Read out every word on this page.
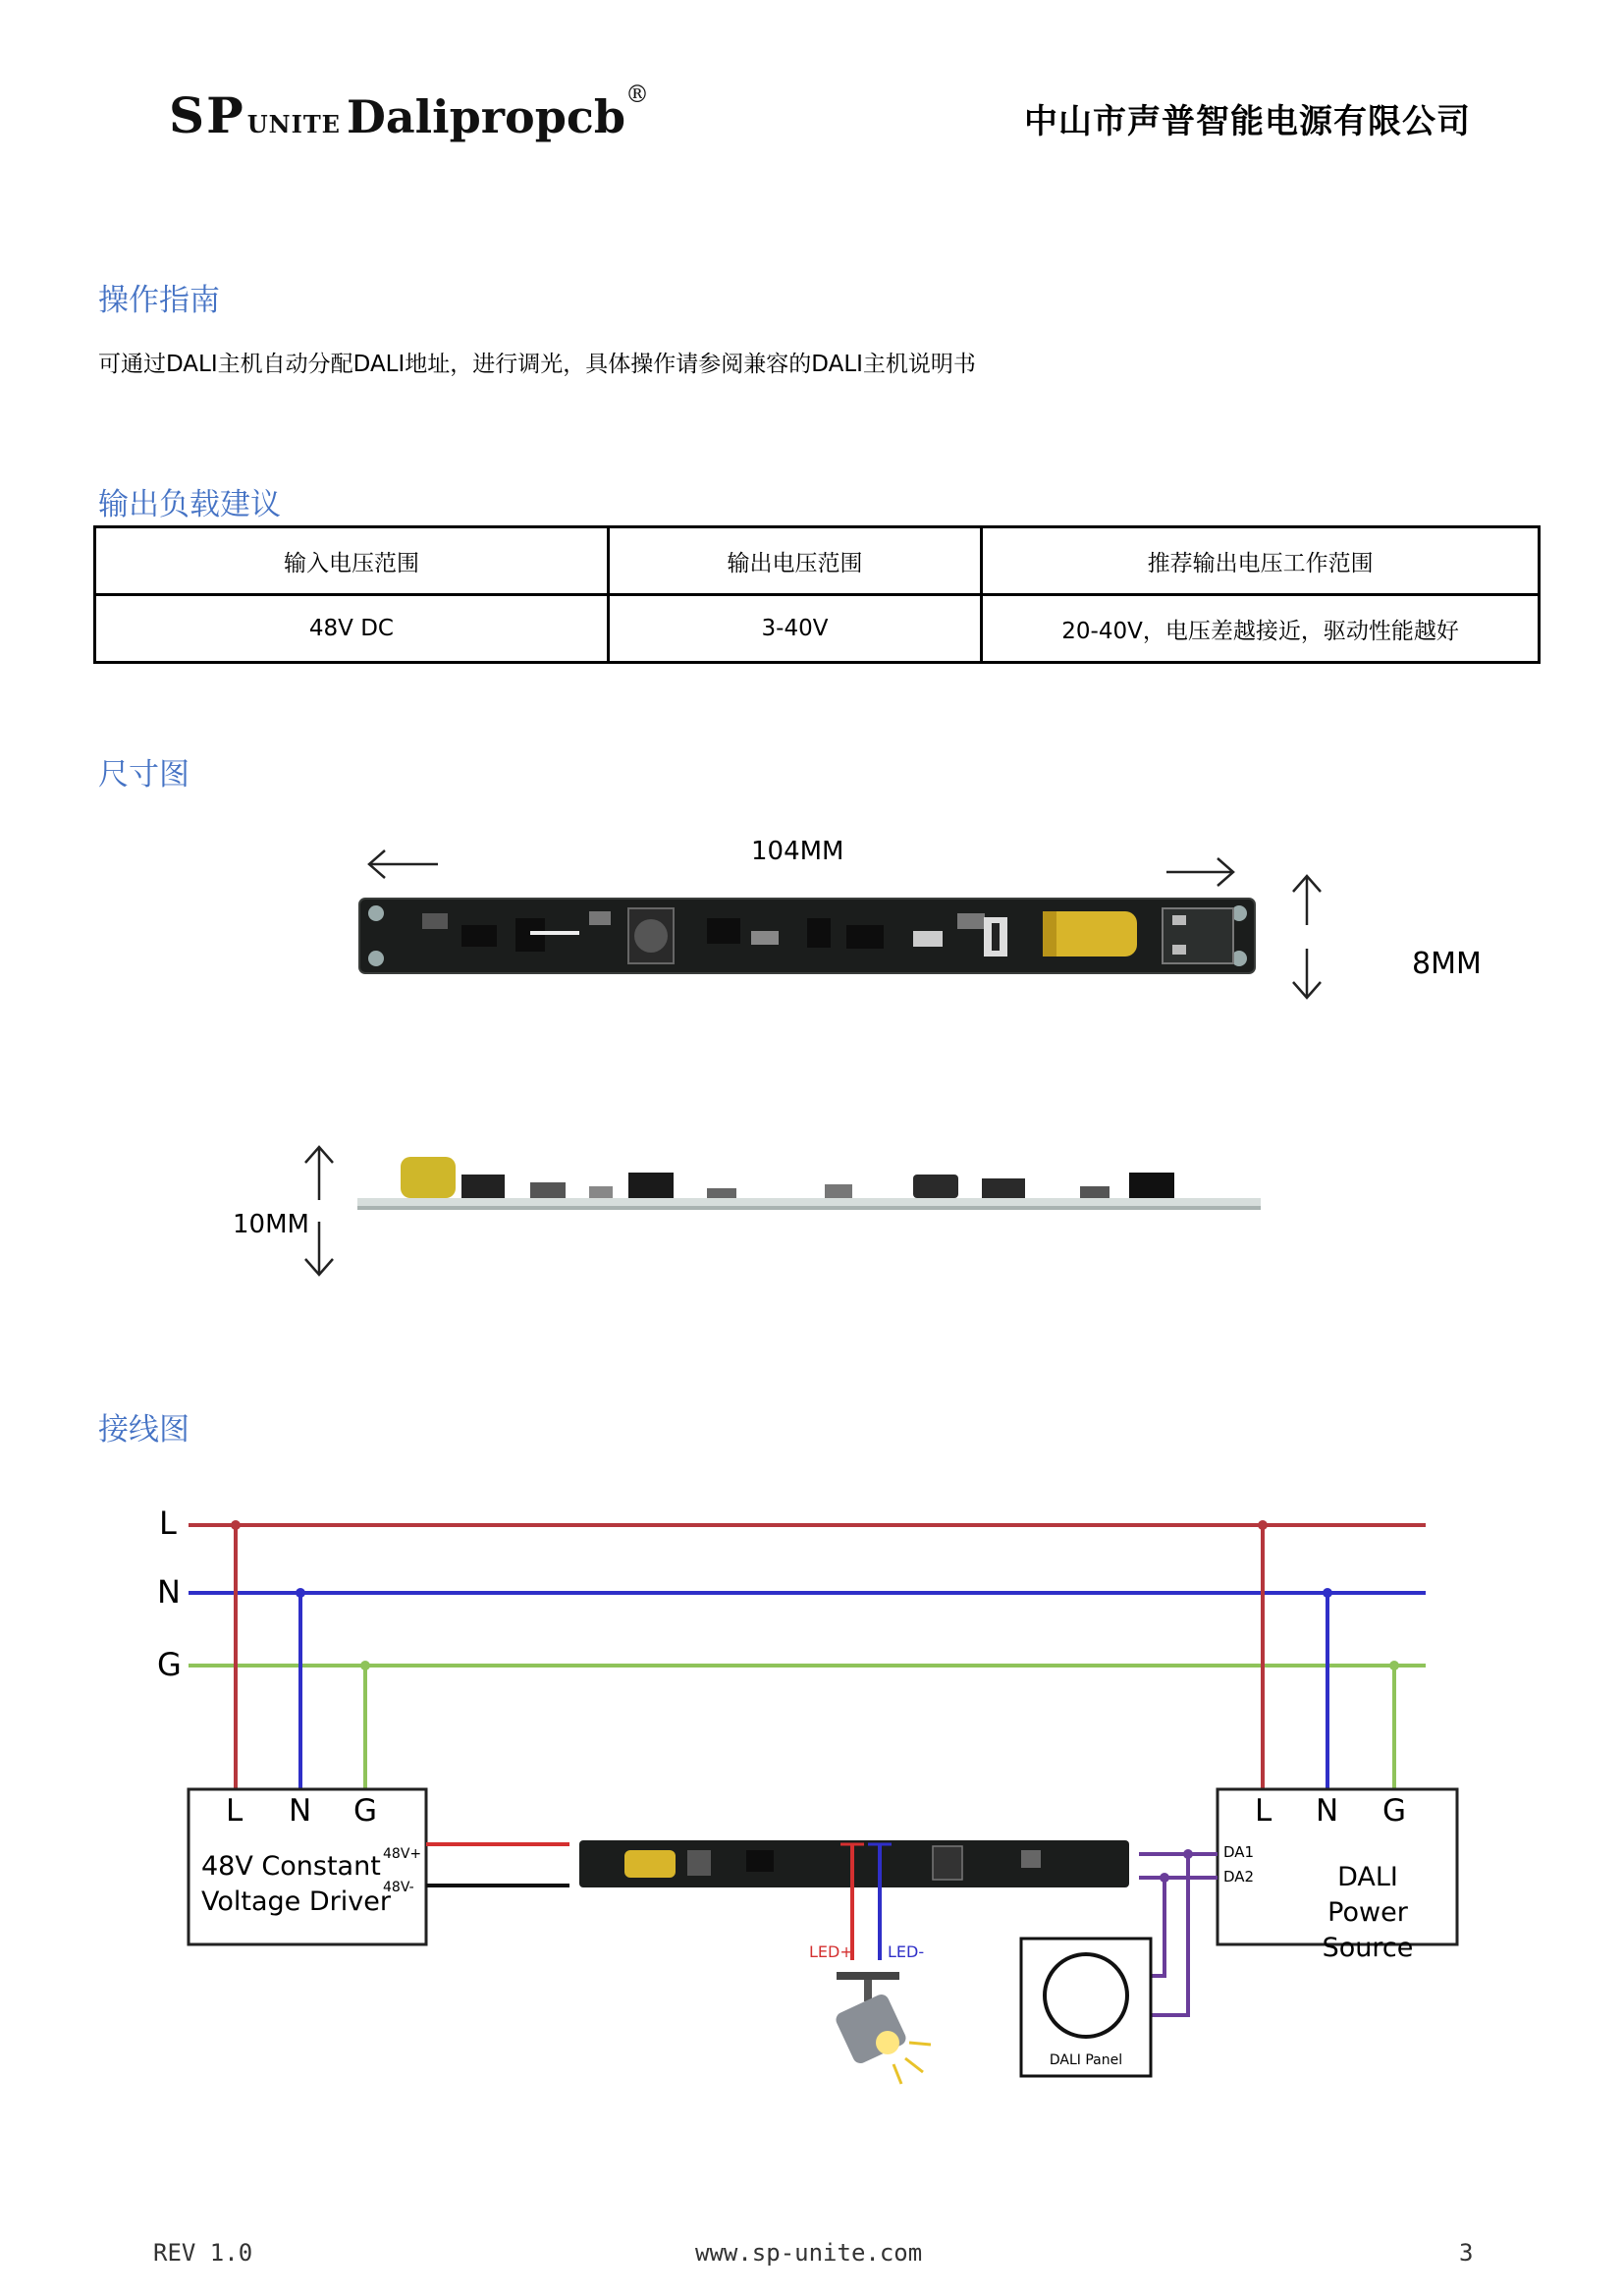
SPUNITE Dalipropcb®
中山市声普智能电源有限公司
操作指南
可通过DALI主机自动分配DALI地址，进行调光，具体操作请参阅兼容的DALI主机说明书
输出负载建议
输入电压范围	输出电压范围	推荐输出电压工作范围
48V DC	3-40V	20-40V，电压差越接近，驱动性能越好
尺寸图
104MM
8MM
10MM
接线图
L
N
G
L N G
48V Constant
Voltage Driver
48V+
48V-
L N G
DA1
DA2	DALI Power
Source
LED+ LED-
DALI Panel
REV 1.0	www.sp-unite.com	3
